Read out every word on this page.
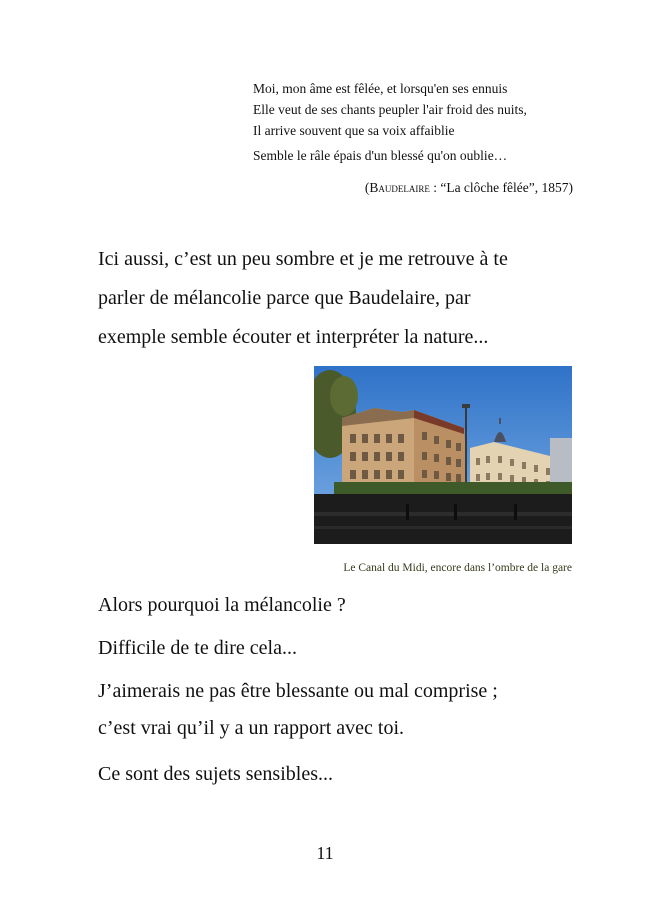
Moi, mon âme est fêlée, et lorsqu'en ses ennuis
Elle veut de ses chants peupler l'air froid des nuits,
Il arrive souvent que sa voix affaiblie
Semble le râle épais d'un blessé qu'on oublie…
(Baudelaire : “La clôche fêlée”, 1857)
Ici aussi, c’est un peu sombre et je me retrouve à te
parler de mélancolie parce que Baudelaire, par
exemple semble écouter et interpréter la nature...
Le Canal du Midi, encore dans l’ombre de la gare
Alors pourquoi la mélancolie ?
Difficile de te dire cela...
J’aimerais ne pas être blessante ou mal comprise ;
c’est vrai qu’il y a un rapport avec toi.
Ce sont des sujets sensibles...
11
